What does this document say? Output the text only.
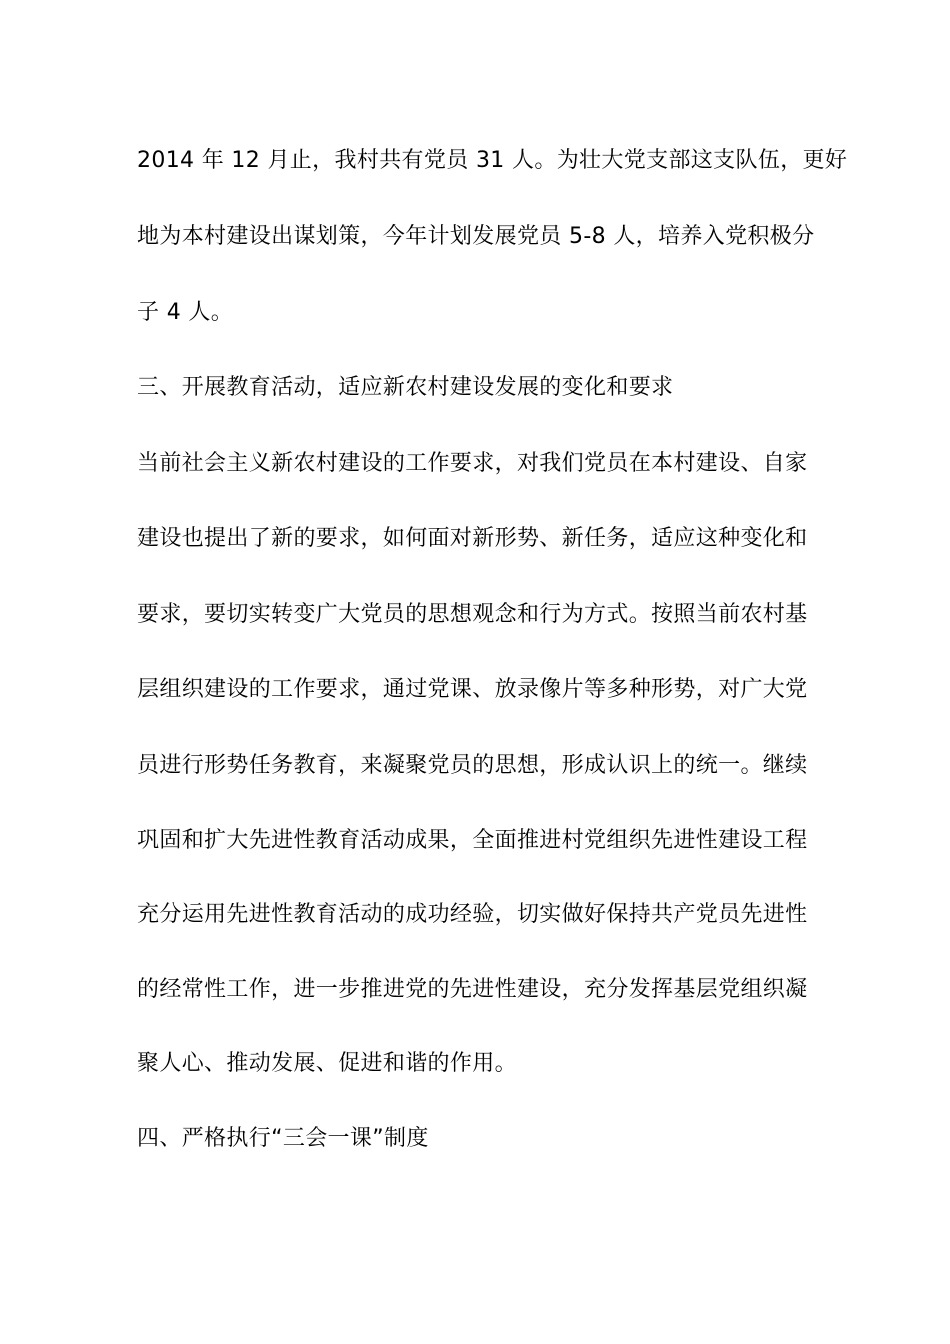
2014 年 12 月止，我村共有党员 31 人。为壮大党支部这支队伍，更好

地为本村建设出谋划策，今年计划发展党员 5-8 人，培养入党积极分

子 4 人。

三、开展教育活动，适应新农村建设发展的变化和要求

当前社会主义新农村建设的工作要求，对我们党员在本村建设、自家

建设也提出了新的要求，如何面对新形势、新任务，适应这种变化和

要求，要切实转变广大党员的思想观念和行为方式。按照当前农村基

层组织建设的工作要求，通过党课、放录像片等多种形势，对广大党

员进行形势任务教育，来凝聚党员的思想，形成认识上的统一。继续

巩固和扩大先进性教育活动成果，全面推进村党组织先进性建设工程

充分运用先进性教育活动的成功经验，切实做好保持共产党员先进性

的经常性工作，进一步推进党的先进性建设，充分发挥基层党组织凝

聚人心、推动发展、促进和谐的作用。

四、严格执行“三会一课”制度
